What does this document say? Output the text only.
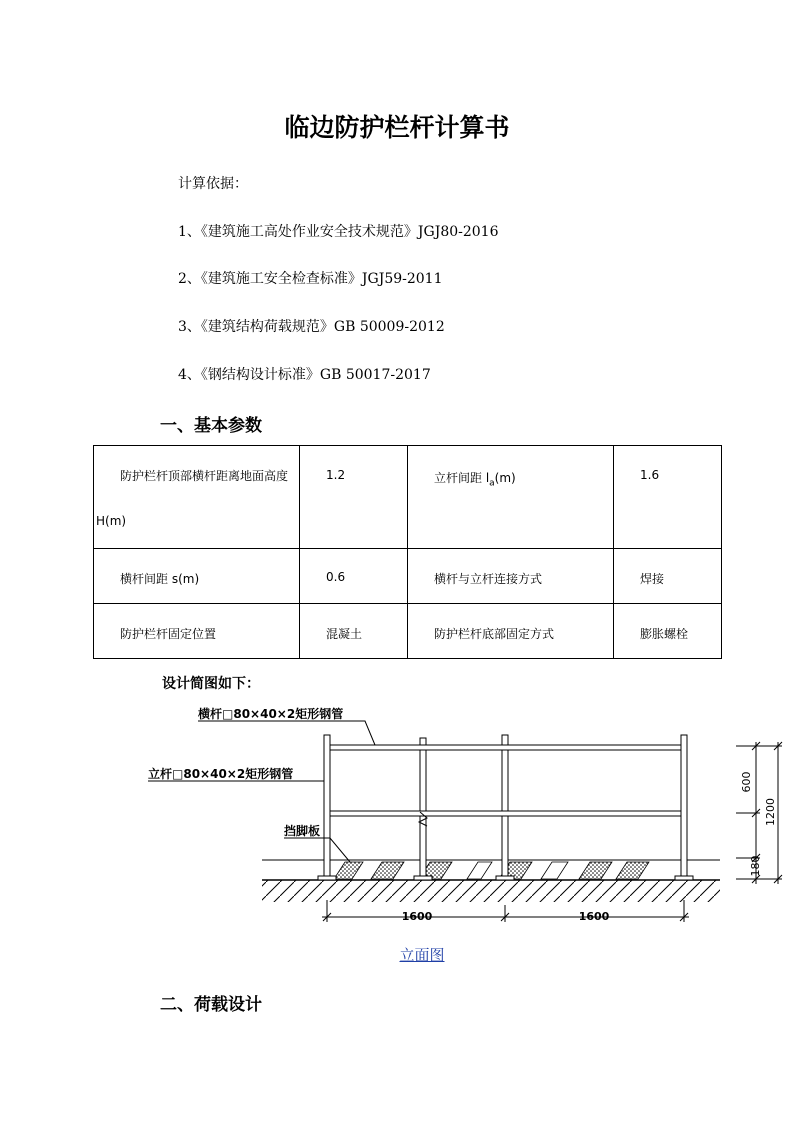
临边防护栏杆计算书
计算依据：
1、《建筑施工高处作业安全技术规范》JGJ80-2016
2、《建筑施工安全检查标准》JGJ59-2011
3、《建筑结构荷载规范》GB 50009-2012
4、《钢结构设计标准》GB 50017-2017
一、基本参数
防护栏杆顶部横杆距离地面高度
H(m)	1.2	立杆间距 $l_a(m)$	1.6

横杆间距 s(m)	0.6	横杆与立杆连接方式	焊接

防护栏杆固定位置	混凝土	防护栏杆底部固定方式	膨胀螺栓
设计简图如下：
横杆□80×40×2矩形钢管
立杆□80×40×2矩形钢管
挡脚板
600
1200
180
1600	1600
立面图
二、荷载设计
